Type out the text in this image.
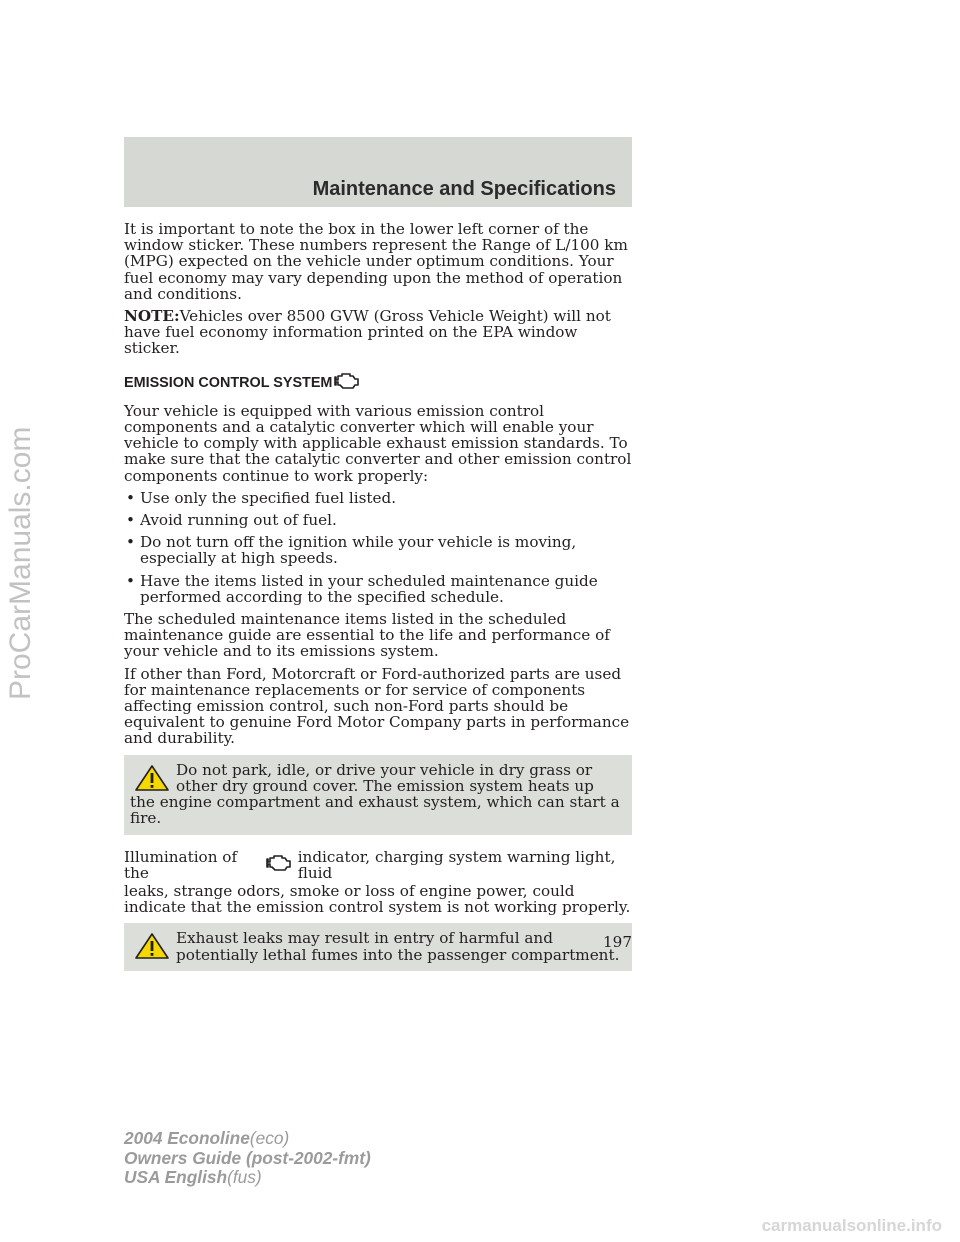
Maintenance and Specifications

It is important to note the box in the lower left corner of the window sticker. These numbers represent the Range of L/100 km (MPG) expected on the vehicle under optimum conditions. Your fuel economy may vary depending upon the method of operation and conditions.

NOTE:Vehicles over 8500 GVW (Gross Vehicle Weight) will not have fuel economy information printed on the EPA window sticker.

EMISSION CONTROL SYSTEM

Your vehicle is equipped with various emission control components and a catalytic converter which will enable your vehicle to comply with applicable exhaust emission standards. To make sure that the catalytic converter and other emission control components continue to work properly:

• Use only the specified fuel listed.
• Avoid running out of fuel.
• Do not turn off the ignition while your vehicle is moving, especially at high speeds.
• Have the items listed in your scheduled maintenance guide performed according to the specified schedule.

The scheduled maintenance items listed in the scheduled maintenance guide are essential to the life and performance of your vehicle and to its emissions system.

If other than Ford, Motorcraft or Ford-authorized parts are used for maintenance replacements or for service of components affecting emission control, such non-Ford parts should be equivalent to genuine Ford Motor Company parts in performance and durability.

Do not park, idle, or drive your vehicle in dry grass or other dry ground cover. The emission system heats up the engine compartment and exhaust system, which can start a fire.

Illumination of the
indicator, charging system warning light, fluid

leaks, strange odors, smoke or loss of engine power, could indicate that the emission control system is not working properly.

Exhaust leaks may result in entry of harmful and potentially lethal fumes into the passenger compartment.

197
2004 Econoline(eco)
Owners Guide (post-2002-fmt)
USA English(fus)
ProCarManuals.com
carmanualsonline.info
